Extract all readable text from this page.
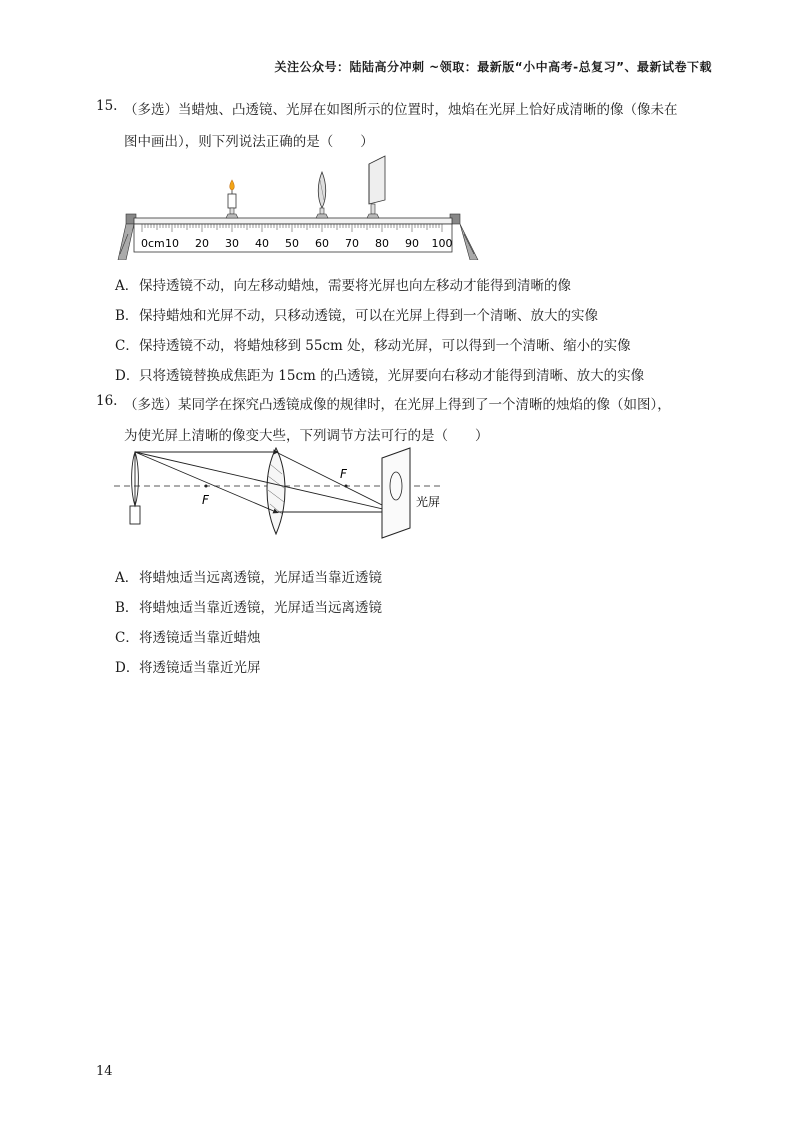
关注公众号：陆陆高分冲刺 ~领取：最新版“小中高考-总复习”、最新试卷下载
15. （多选）当蜡烛、凸透镜、光屏在如图所示的位置时，烛焰在光屏上恰好成清晰的像（像未在
图中画出），则下列说法正确的是（　　）
0cm 10 20 30 40 50 60 70 80 90 100
A．保持透镜不动，向左移动蜡烛，需要将光屏也向左移动才能得到清晰的像
B．保持蜡烛和光屏不动，只移动透镜，可以在光屏上得到一个清晰、放大的实像
C．保持透镜不动，将蜡烛移到 55cm 处，移动光屏，可以得到一个清晰、缩小的实像
D．只将透镜替换成焦距为 15cm 的凸透镜，光屏要向右移动才能得到清晰、放大的实像
16. （多选）某同学在探究凸透镜成像的规律时，在光屏上得到了一个清晰的烛焰的像（如图），
为使光屏上清晰的像变大些，下列调节方法可行的是（　　）
F
F
光屏
A．将蜡烛适当远离透镜，光屏适当靠近透镜
B．将蜡烛适当靠近透镜，光屏适当远离透镜
C．将透镜适当靠近蜡烛
D．将透镜适当靠近光屏
14
